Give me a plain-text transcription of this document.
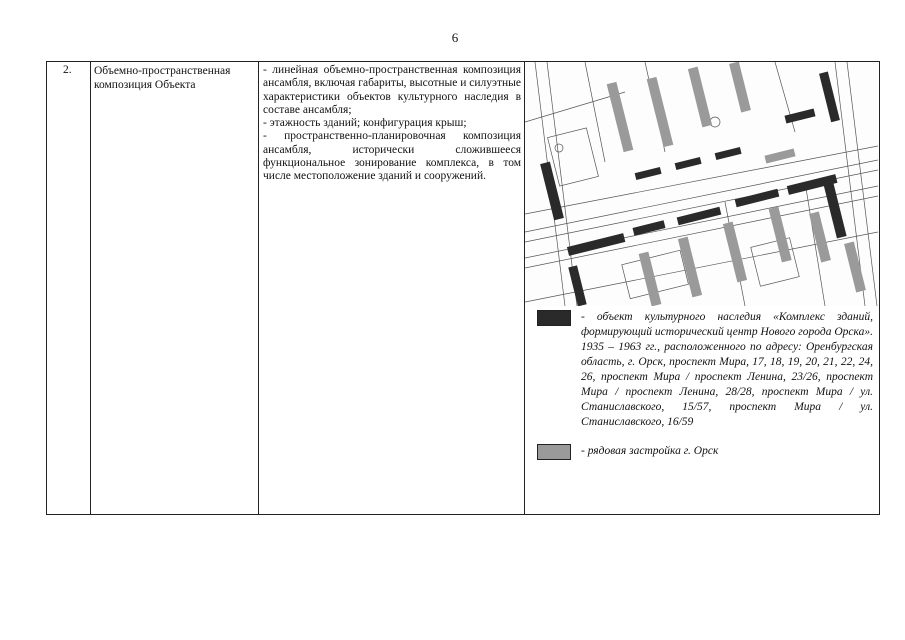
6
2. Объемно-пространственная композиция Объекта
- линейная объемно-пространственная композиция ансамбля, включая габариты, высотные и силуэтные характеристики объектов культурного наследия в составе ансамбля;
- этажность зданий; конфигурация крыш;
- пространственно-планировочная композиция ансамбля, исторически сложившееся функциональное зонирование комплекса, в том числе местоположение зданий и сооружений.
- объект культурного наследия «Комплекс зданий, формирующий исторический центр Нового города Орска». 1935 – 1963 гг., расположенного по адресу: Оренбургская область, г. Орск, проспект Мира, 17, 18, 19, 20, 21, 22, 24, 26, проспект Мира / проспект Ленина, 23/26, проспект Мира / проспект Ленина, 28/28, проспект Мира / ул. Станиславского, 15/57, проспект Мира / ул. Станиславского, 16/59
- рядовая застройка г. Орск
